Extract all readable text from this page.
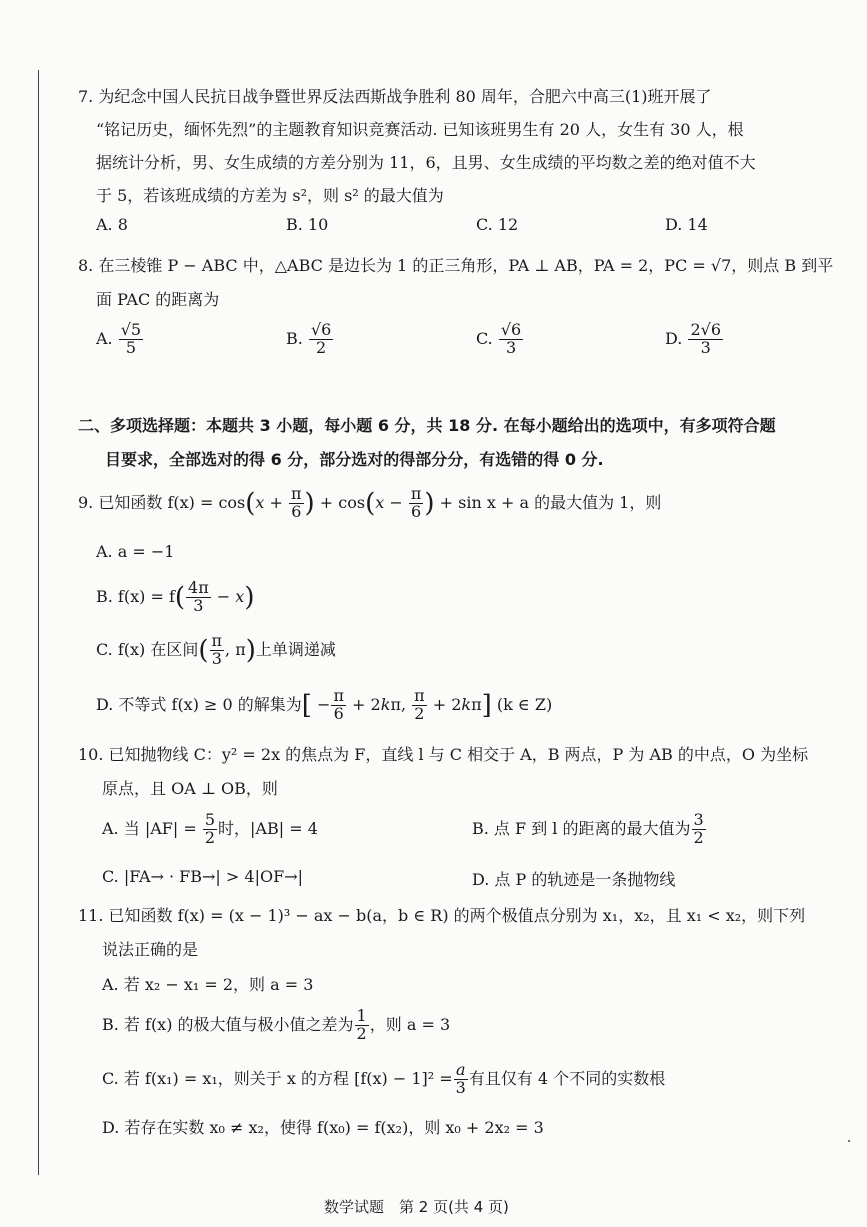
7. 为纪念中国人民抗日战争暨世界反法西斯战争胜利 80 周年，合肥六中高三(1)班开展了
“铭记历史，缅怀先烈”的主题教育知识竞赛活动. 已知该班男生有 20 人，女生有 30 人，根
据统计分析，男、女生成绩的方差分别为 11，6，且男、女生成绩的平均数之差的绝对值不大
于 5，若该班成绩的方差为 s²，则 s² 的最大值为
A. 8	B. 10	C. 12	D. 14
8. 在三棱锥 P − ABC 中，△ABC 是边长为 1 的正三角形，PA ⊥ AB，PA = 2，PC = √7，则点 B 到平
面 PAC 的距离为
A. $\frac{√5}{5}$	B. $\frac{√6}{2}$	C. $\frac{√6}{3}$	D. $\frac{2√6}{3}$
二、多项选择题：本题共 3 小题，每小题 6 分，共 18 分. 在每小题给出的选项中，有多项符合题
目要求，全部选对的得 6 分，部分选对的得部分分，有选错的得 0 分.
9. 已知函数 $f(x) = \cos(x + \frac{\pi}{6}$ ) + $\cos(x - \frac{\pi}{6}$ ) + sin x + a 的最大值为 1，则
A. a = −1
B. $f(x) = f( \frac{4\pi}{3} - x)$
C. f(x) 在区间( $\frac{\pi}{3}$ , π)上单调递减
D. 不等式 f(x) ≥ 0 的解集为[ − $\frac{\pi}{6} + 2k\pi$, $\frac{\pi}{2} + 2k\pi$] (k ∈ Z)
10. 已知抛物线 C：y² = 2x 的焦点为 F，直线 l 与 C 相交于 A，B 两点，P 为 AB 的中点，O 为坐标
原点，且 OA ⊥ OB，则
A. 当 $|AF| = \frac{5}{2}$ 时，|AB| = 4	B. 点 F 到 l 的距离的最大值为 $\frac{3}{2}$
C. |FA→ · FB→| > 4|OF→|	D. 点 P 的轨迹是一条抛物线
11. 已知函数 f(x) = (x − 1)³ − ax − b(a，b ∈ R) 的两个极值点分别为 x₁，x₂，且 x₁ < x₂，则下列
说法正确的是
A. 若 x₂ − x₁ = 2，则 a = 3
B. 若 f(x) 的极大值与极小值之差为 $\frac{1}{2}$ ，则 a = 3
C. 若 f(x₁) = x₁，则关于 x 的方程 $[f(x) - 1]^2 = \frac{a}{3}$ 有且仅有 4 个不同的实数根
D. 若存在实数 x₀ ≠ x₂，使得 f(x₀) = f(x₂)，则 x₀ + 2x₂ = 3
数学试题　第 2 页(共 4 页)
